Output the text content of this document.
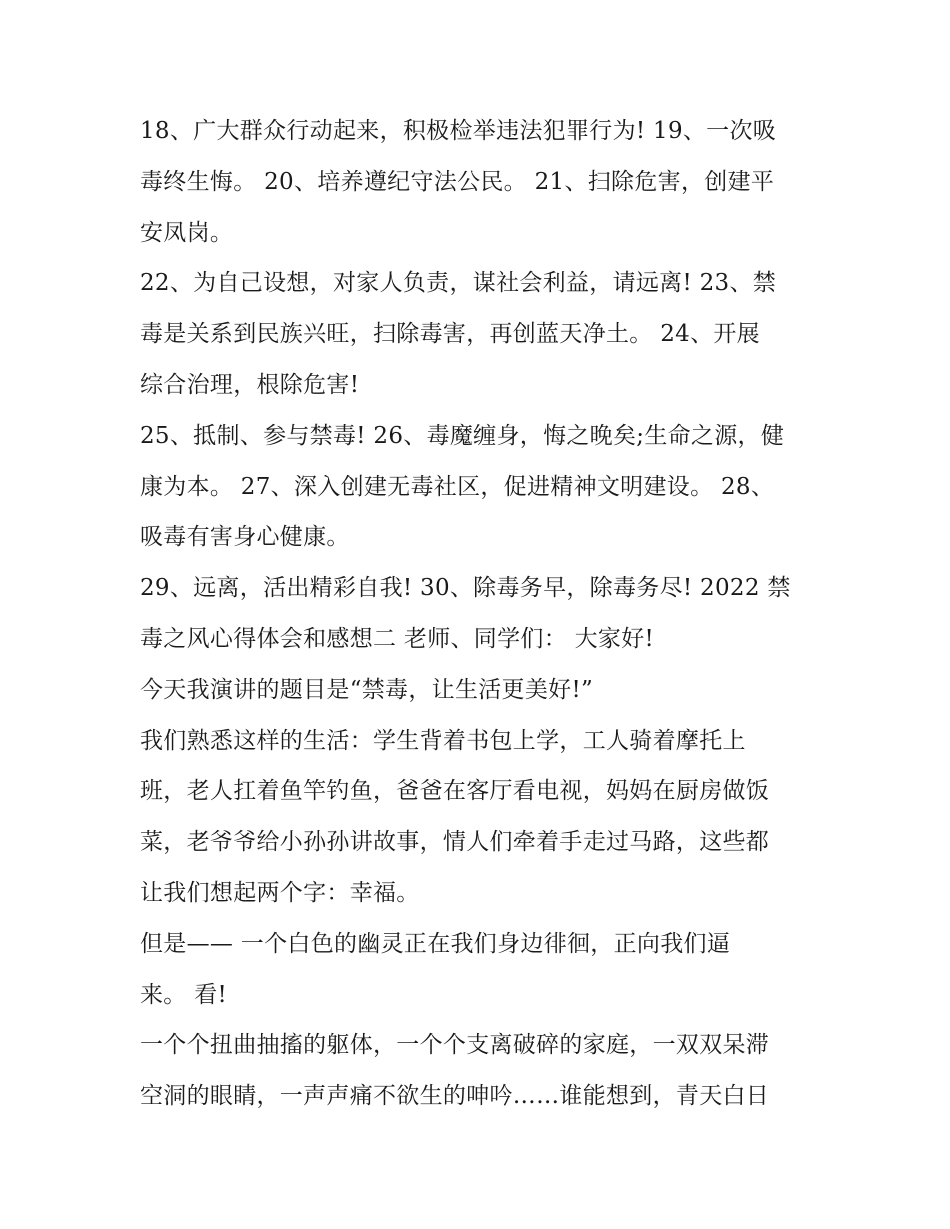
18、广大群众行动起来，积极检举违法犯罪行为! 19、一次吸
毒终生悔。 20、培养遵纪守法公民。 21、扫除危害，创建平
安凤岗。
22、为自己设想，对家人负责，谋社会利益，请远离! 23、禁
毒是关系到民族兴旺，扫除毒害，再创蓝天净土。 24、开展
综合治理，根除危害!
25、抵制、参与禁毒! 26、毒魔缠身，悔之晚矣;生命之源，健
康为本。 27、深入创建无毒社区，促进精神文明建设。 28、
吸毒有害身心健康。
29、远离，活出精彩自我! 30、除毒务早，除毒务尽! 2022 禁
毒之风心得体会和感想二 老师、同学们： 大家好!
今天我演讲的题目是“禁毒，让生活更美好!”
我们熟悉这样的生活：学生背着书包上学，工人骑着摩托上
班，老人扛着鱼竿钓鱼，爸爸在客厅看电视，妈妈在厨房做饭
菜，老爷爷给小孙孙讲故事，情人们牵着手走过马路，这些都
让我们想起两个字：幸福。
但是—— 一个白色的幽灵正在我们身边徘徊，正向我们逼
来。 看!
一个个扭曲抽搐的躯体，一个个支离破碎的家庭，一双双呆滞
空洞的眼睛，一声声痛不欲生的呻吟……谁能想到，青天白日
